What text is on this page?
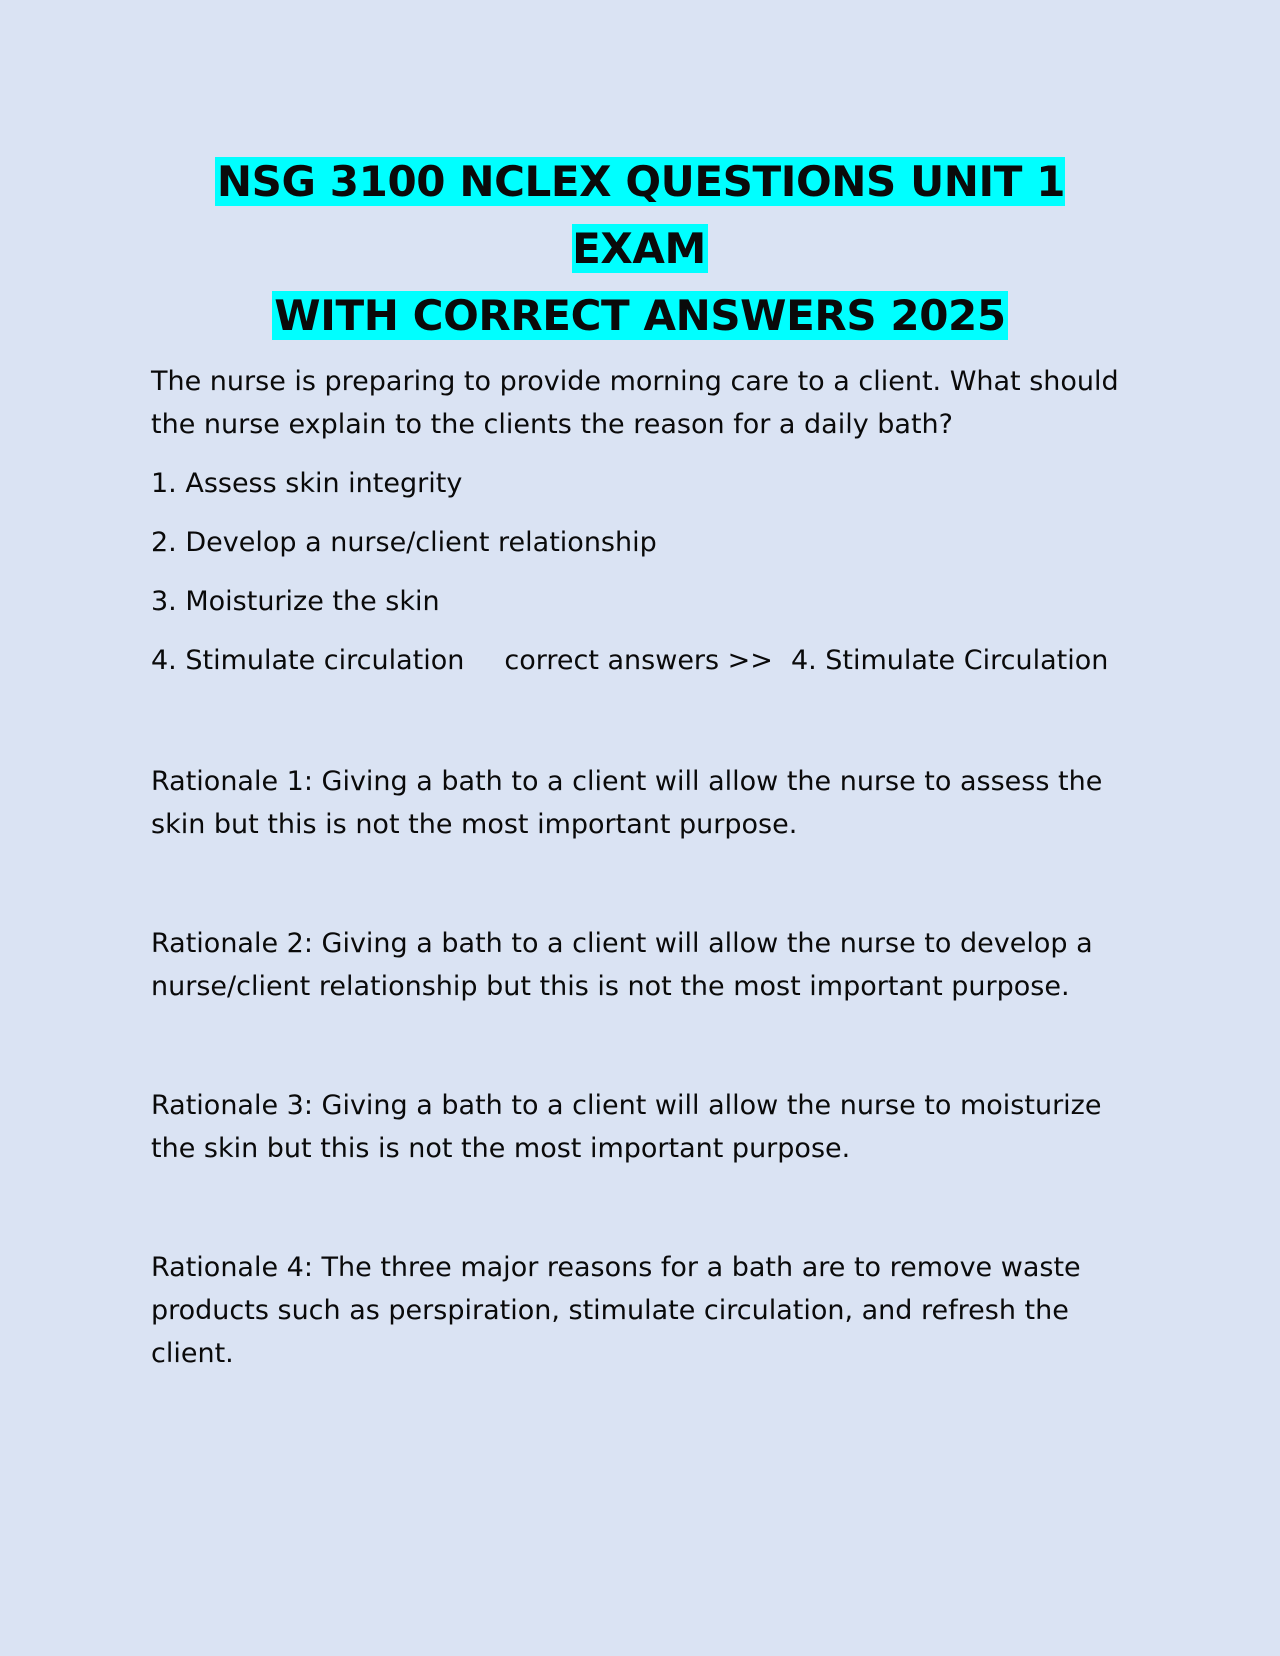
NSG 3100 NCLEX QUESTIONS UNIT 1 EXAM
WITH CORRECT ANSWERS 2025

The nurse is preparing to provide morning care to a client. What should the nurse explain to the clients the reason for a daily bath?

1. Assess skin integrity

2. Develop a nurse/client relationship

3. Moisturize the skin

4. Stimulate circulation correct answers >> 4. Stimulate Circulation

Rationale 1: Giving a bath to a client will allow the nurse to assess the skin but this is not the most important purpose.

Rationale 2: Giving a bath to a client will allow the nurse to develop a nurse/client relationship but this is not the most important purpose.

Rationale 3: Giving a bath to a client will allow the nurse to moisturize the skin but this is not the most important purpose.

Rationale 4: The three major reasons for a bath are to remove waste products such as perspiration, stimulate circulation, and refresh the client.
